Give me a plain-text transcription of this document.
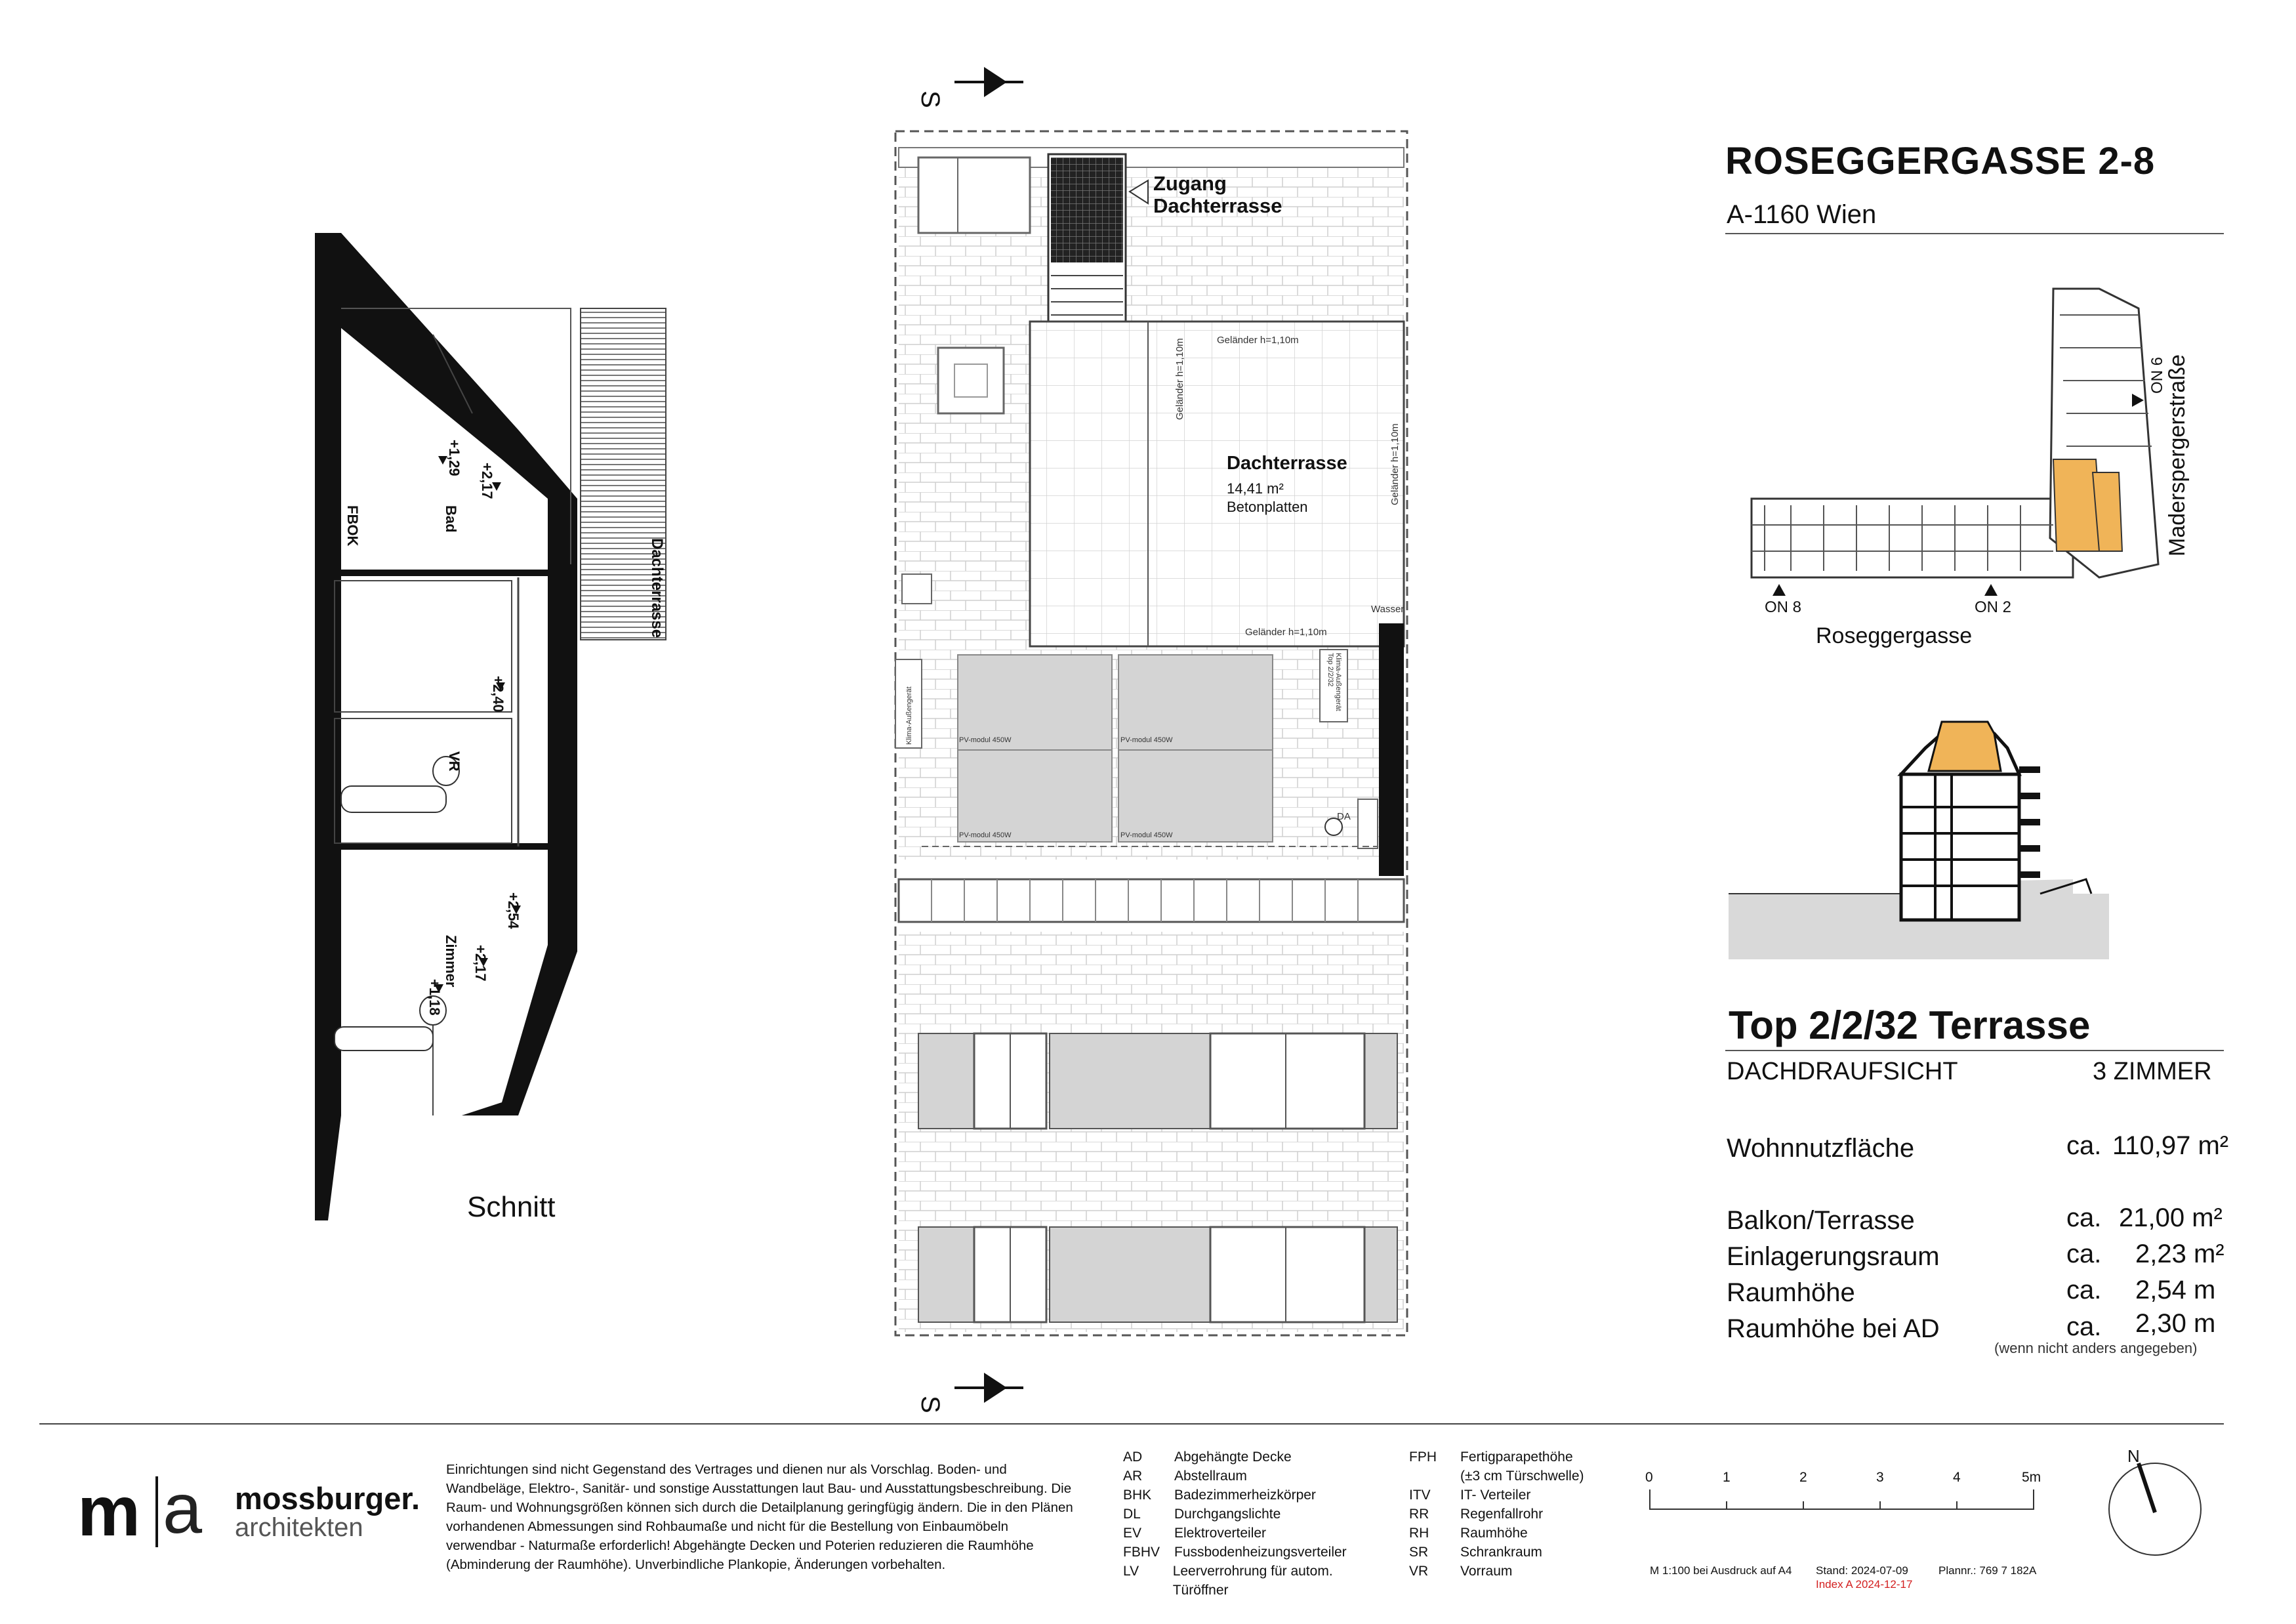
ROSEGGERGASSE 2-8
A-1160 Wien
ON 8	ON 2
ON 6
Roseggergasse
Maderspergerstraße
Schnitt
Dachterrasse
FBOK	Bad
VR
Zimmer
+1,29
+2,17
+2,40
+2,54
+2,17
+1,18
S
S
Zugang
Dachterrasse
Dachterrasse
14,41 m²
Betonplatten
Geländer h=1,10m
Geländer h=1,10m
Geländer h=1,10m
Geländer h=1,10m
Wasser
PV-modul 450W	PV-modul 450W
PV-modul 450W	PV-modul 450W
Klima-Außengerät Top 2/2/32
Klima-Außengerät
DA
Top 2/2/32 Terrasse
DACHDRAUFSICHT	3 ZIMMER
Wohnnutzfläche	ca. 110,97 m²
Balkon/Terrasse	ca. 21,00 m²
Einlagerungsraum	ca. 2,23 m²
Raumhöhe	ca. 2,54 m
Raumhöhe bei AD	ca. 2,30 m
(wenn nicht anders angegeben)
m a mossburger.
architekten
Einrichtungen sind nicht Gegenstand des Vertrages und dienen nur als Vorschlag. Boden- und Wandbeläge, Elektro-, Sanitär- und sonstige Ausstattungen laut Bau- und Ausstattungsbeschreibung. Die Raum- und Wohnungsgrößen können sich durch die Detailplanung geringfügig ändern. Die in den Plänen vorhandenen Abmessungen sind Rohbaumaße und nicht für die Bestellung von Einbaumöbeln verwendbar - Naturmaße erforderlich! Abgehängte Decken und Poterien reduzieren die Raumhöhe (Abminderung der Raumhöhe). Unverbindliche Plankopie, Änderungen vorbehalten.
AD	Abgehängte Decke
AR	Abstellraum
BHK	Badezimmerheizkörper
DL	Durchgangslichte
EV	Elektroverteiler
FBHV	Fussbodenheizungsverteiler
LV	Leerverrohrung für autom. Türöffner
FPH	Fertigparapethöhe
(±3 cm Türschwelle)
ITV	IT- Verteiler
RR	Regenfallrohr
RH	Raumhöhe
SR	Schrankraum
VR	Vorraum
0	1	2	3	4	5m
M 1:100 bei Ausdruck auf A4 Stand: 2024-07-09
Index A 2024-12-17
Plannr.: 769 7 182A
N
